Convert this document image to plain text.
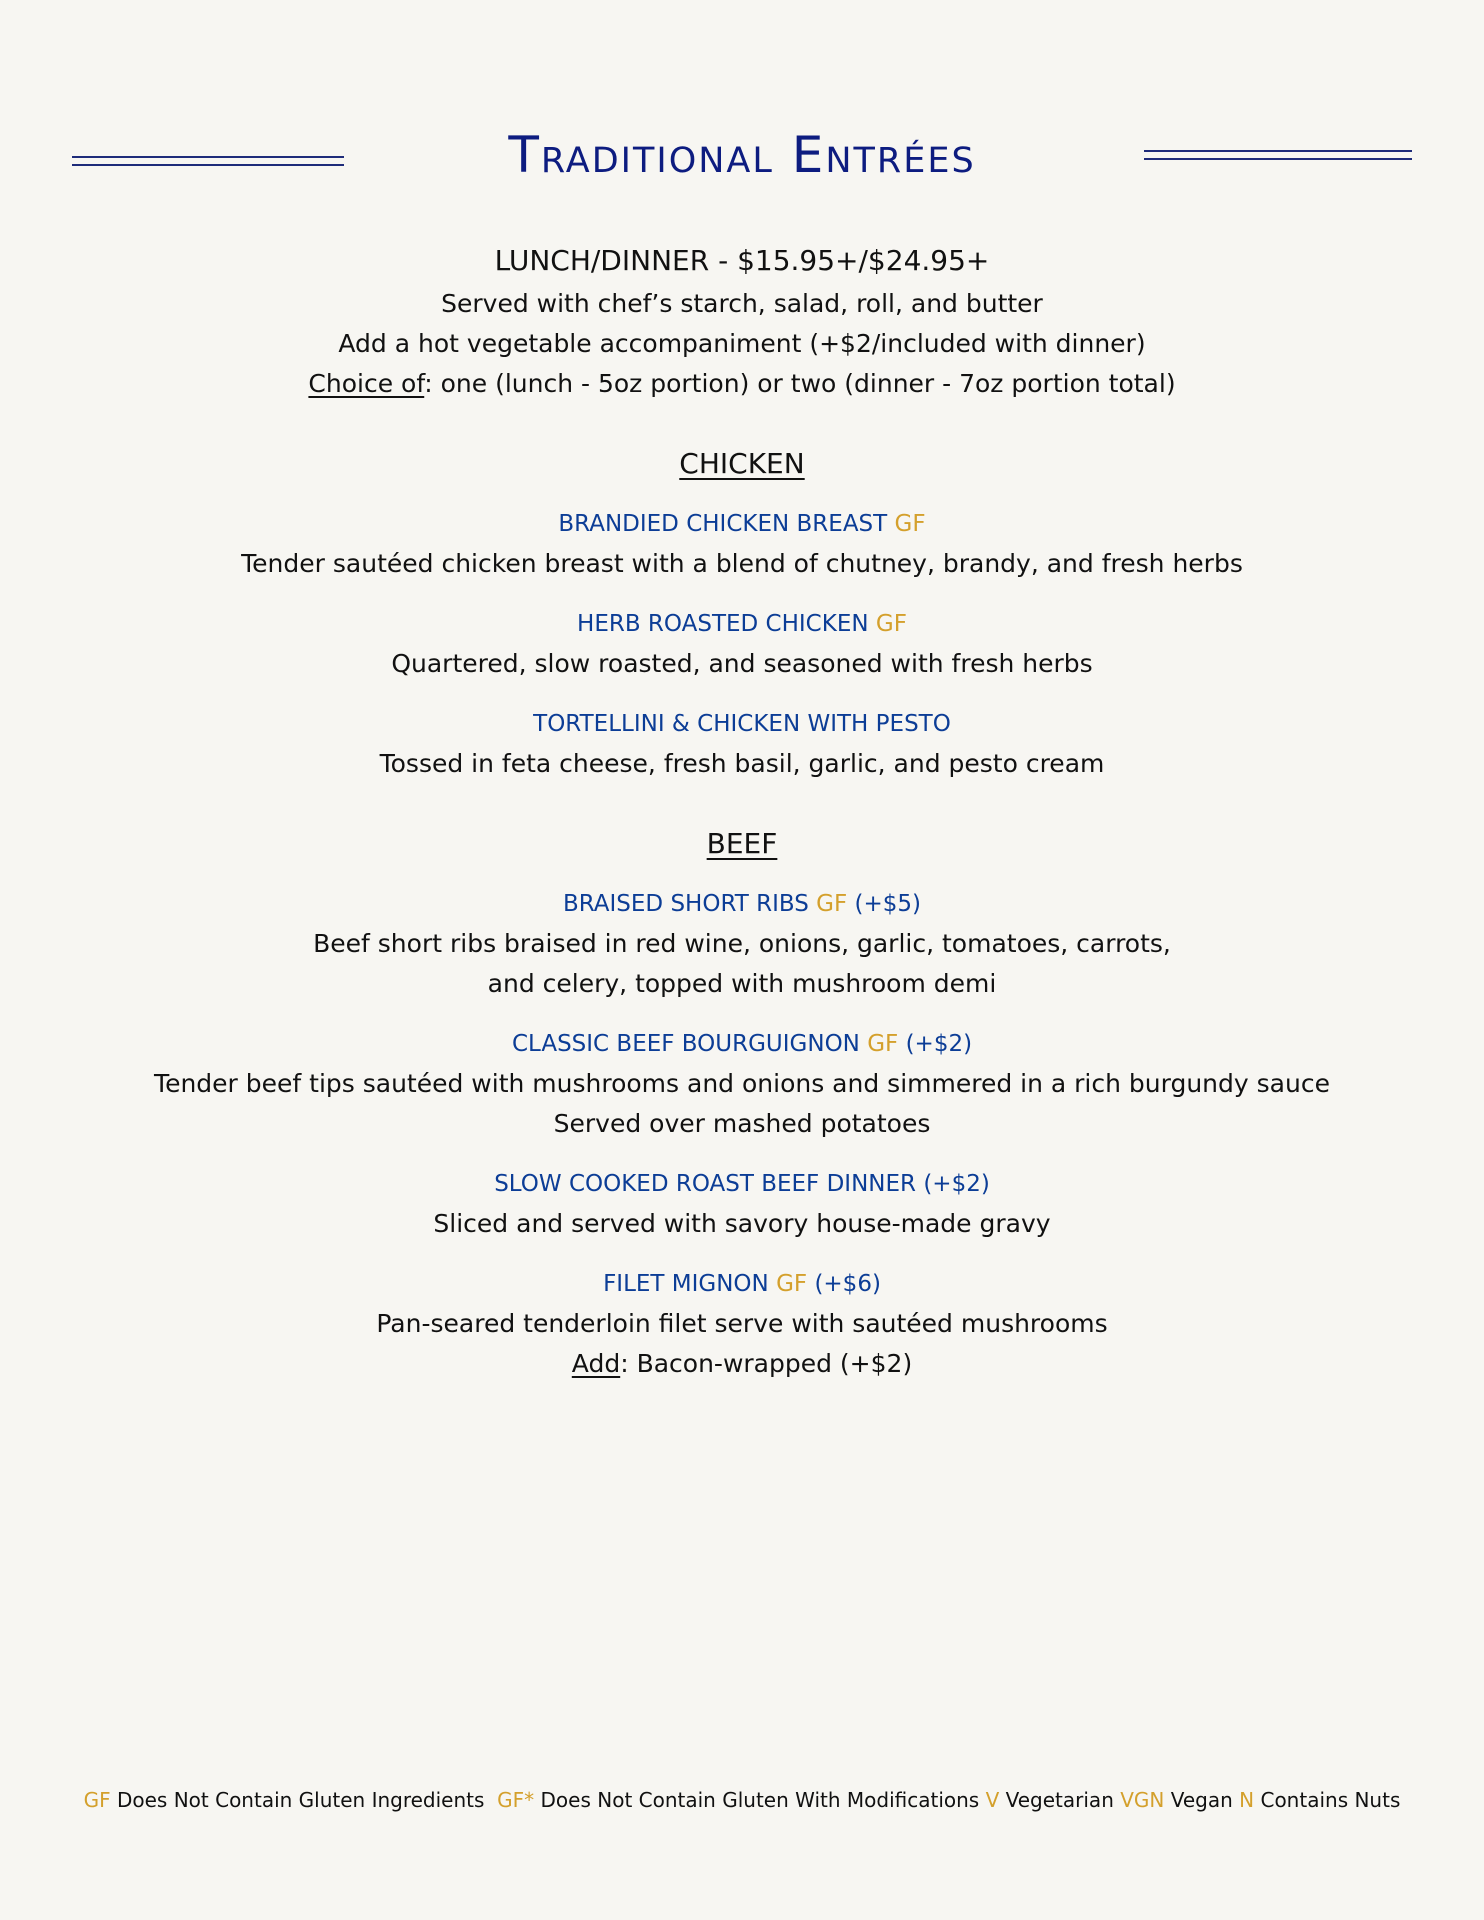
Traditional Entrées
LUNCH/DINNER - $15.95+/$24.95+
Served with chef’s starch, salad, roll, and butter
Add a hot vegetable accompaniment (+$2/included with dinner)
Choice of: one (lunch - 5oz portion) or two (dinner - 7oz portion total)
CHICKEN
BRANDIED CHICKEN BREAST GF
Tender sautéed chicken breast with a blend of chutney, brandy, and fresh herbs
HERB ROASTED CHICKEN GF
Quartered, slow roasted, and seasoned with fresh herbs
TORTELLINI & CHICKEN WITH PESTO
Tossed in feta cheese, fresh basil, garlic, and pesto cream
BEEF
BRAISED SHORT RIBS GF (+$5)
Beef short ribs braised in red wine, onions, garlic, tomatoes, carrots,
and celery, topped with mushroom demi
CLASSIC BEEF BOURGUIGNON GF (+$2)
Tender beef tips sautéed with mushrooms and onions and simmered in a rich burgundy sauce
Served over mashed potatoes
SLOW COOKED ROAST BEEF DINNER (+$2)
Sliced and served with savory house-made gravy
FILET MIGNON GF (+$6)
Pan-seared tenderloin filet serve with sautéed mushrooms
Add: Bacon-wrapped (+$2)
GF Does Not Contain Gluten Ingredients GF* Does Not Contain Gluten With Modifications V Vegetarian VGN Vegan N Contains Nuts
